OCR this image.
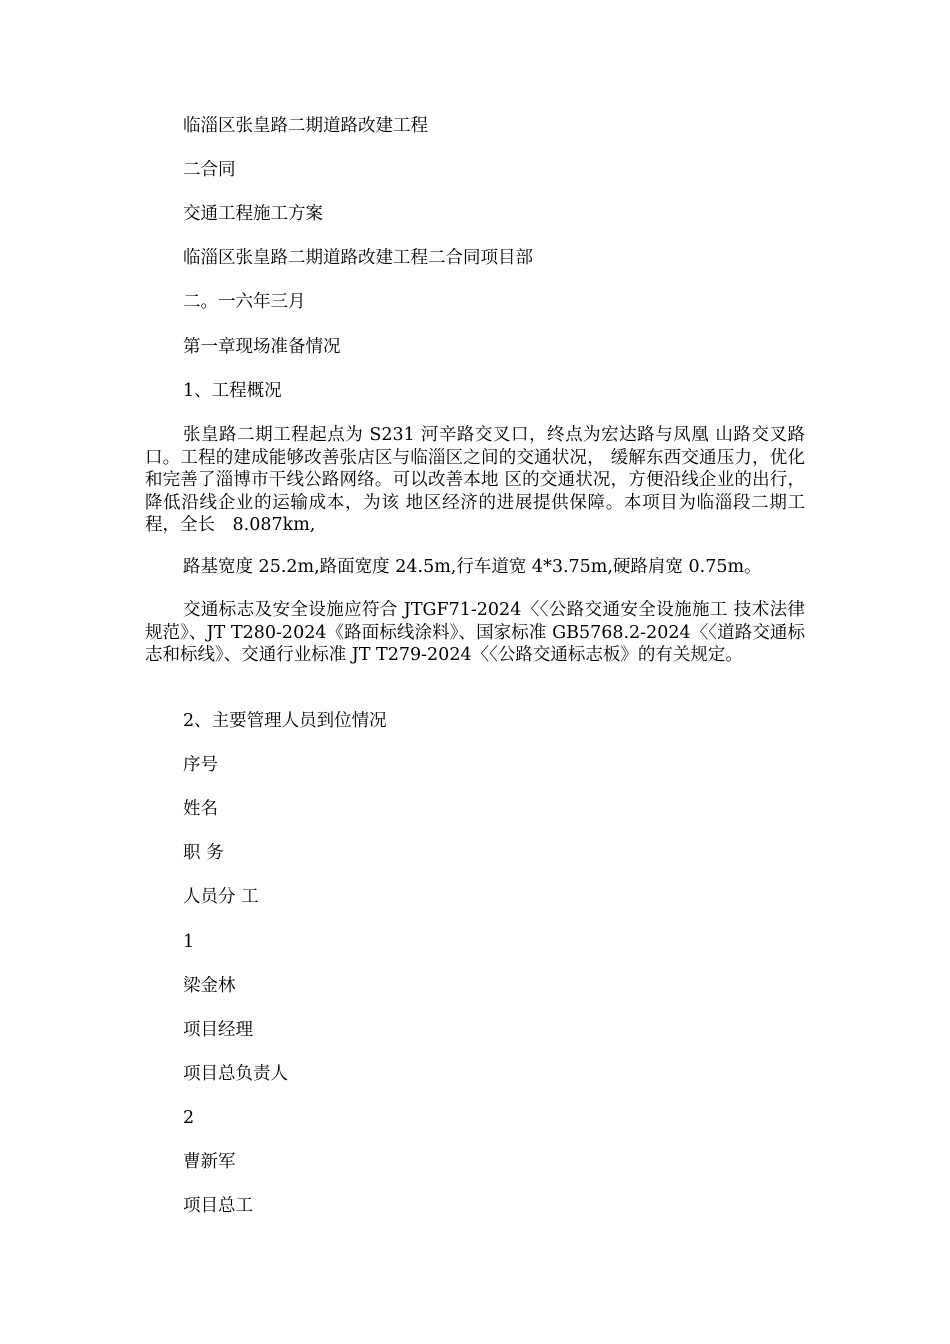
临淄区张皇路二期道路改建工程
二合同
交通工程施工方案
临淄区张皇路二期道路改建工程二合同项目部
二。一六年三月
第一章现场准备情况
1、工程概况
张皇路二期工程起点为 S231 河辛路交叉口，终点为宏达路与凤凰 山路交叉路口。工程的建成能够改善张店区与临淄区之间的交通状况， 缓解东西交通压力，优化和完善了淄博市干线公路网络。可以改善本地 区的交通状况，方便沿线企业的出行，降低沿线企业的运输成本，为该 地区经济的进展提供保障。本项目为临淄段二期工程，全长　8.087km,
路基宽度 25.2m,路面宽度 24.5m,行车道宽 4*3.75m,硬路肩宽 0.75m。
交通标志及安全设施应符合 JTGF71-2024〈〈公路交通安全设施施工 技术法律规范》、JT T280-2024《路面标线涂料》、国家标准 GB5768.2-2024〈〈道路交通标志和标线》、交通行业标准 JT T279-2024〈〈公路交通标志板》的有关规定。
2、主要管理人员到位情况
序号
姓名
职 务
人员分 工
1
梁金林
项目经理
项目总负责人
2
曹新军
项目总工
